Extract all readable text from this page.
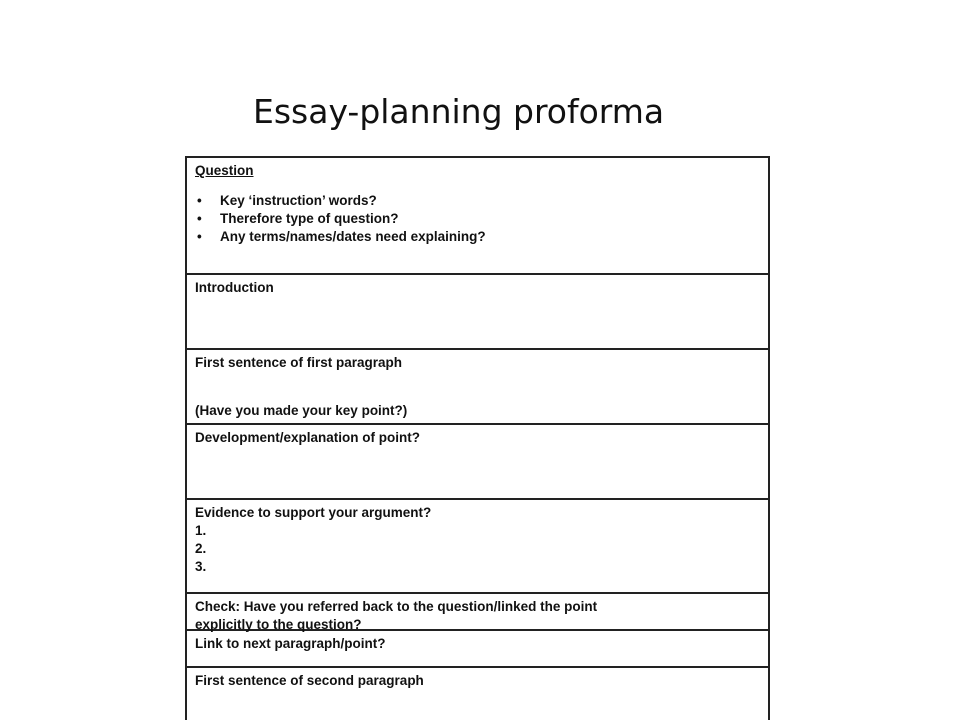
Essay-planning proforma
Question
• Key ‘instruction’ words?
• Therefore type of question?
• Any terms/names/dates need explaining?
Introduction
First sentence of first paragraph
(Have you made your key point?)
Development/explanation of point?
Evidence to support your argument?
1.
2.
3.
Check: Have you referred back to the question/linked the point
explicitly to the question?
Link to next paragraph/point?
First sentence of second paragraph
